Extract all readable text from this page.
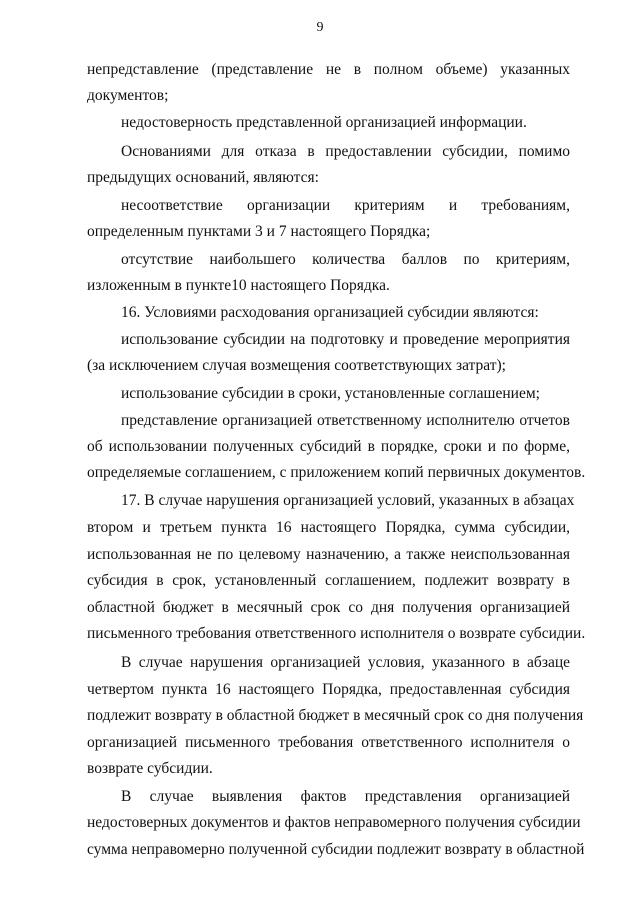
9
непредставление (представление не в полном объеме) указанных
документов;
недостоверность представленной организацией информации.
Основаниями для отказа в предоставлении субсидии, помимо
предыдущих оснований, являются:
несоответствие организации критериям и требованиям,
определенным пунктами 3 и 7 настоящего Порядка;
отсутствие наибольшего количества баллов по критериям,
изложенным в пункте10 настоящего Порядка.
16. Условиями расходования организацией субсидии являются:
использование субсидии на подготовку и проведение мероприятия
(за исключением случая возмещения соответствующих затрат);
использование субсидии в сроки, установленные соглашением;
представление организацией ответственному исполнителю отчетов
об использовании полученных субсидий в порядке, сроки и по форме,
определяемые соглашением, с приложением копий первичных документов.
17. В случае нарушения организацией условий, указанных в абзацах
втором и третьем пункта 16 настоящего Порядка, сумма субсидии,
использованная не по целевому назначению, а также неиспользованная
субсидия в срок, установленный соглашением, подлежит возврату в
областной бюджет в месячный срок со дня получения организацией
письменного требования ответственного исполнителя о возврате субсидии.
В случае нарушения организацией условия, указанного в абзаце
четвертом пункта 16 настоящего Порядка, предоставленная субсидия
подлежит возврату в областной бюджет в месячный срок со дня получения
организацией письменного требования ответственного исполнителя о
возврате субсидии.
В случае выявления фактов представления организацией
недостоверных документов и фактов неправомерного получения субсидии
сумма неправомерно полученной субсидии подлежит возврату в областной
